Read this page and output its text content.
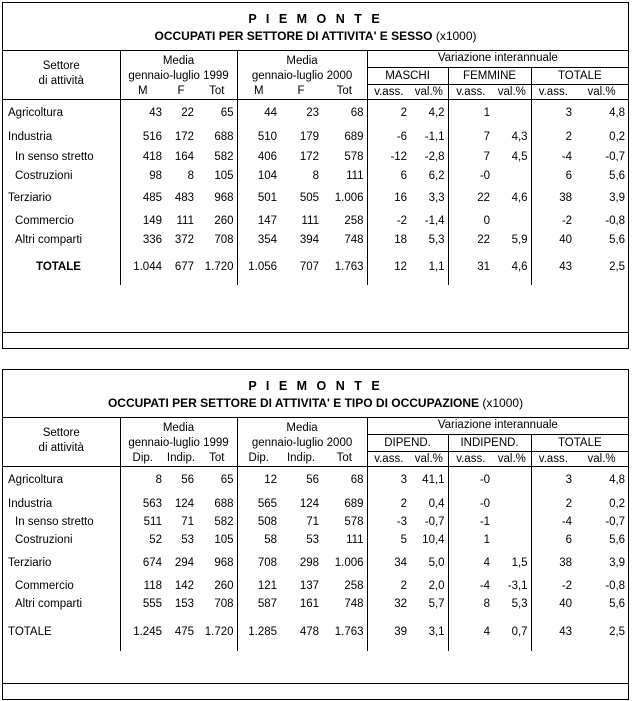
P I E M O N T E
OCCUPATI PER SETTORE DI ATTIVITA' E SESSO (x1000)
Settore
di attività	Media			Media			Variazione interannuale					
	gennaio-luglio 1999			gennaio-luglio 2000			MASCHI		FEMMINE		TOTALE	
	M	F	Tot	M	F	Tot	v.ass.	val.%	v.ass.	val.%	v.ass.	val.%
Agricoltura	43	22	65	44	23	68	2	4,2	1		3	4,8
Industria	516	172	688	510	179	689	-6	-1,1	7	4,3	2	0,2
In senso stretto	418	164	582	406	172	578	-12	-2,8	7	4,5	-4	-0,7
Costruzioni	98	8	105	104	8	111	6	6,2	-0		6	5,6
Terziario	485	483	968	501	505	1.006	16	3,3	22	4,6	38	3,9
Commercio	149	111	260	147	111	258	-2	-1,4	0		-2	-0,8
Altri comparti	336	372	708	354	394	748	18	5,3	22	5,9	40	5,6
TOTALE	1.044	677	1.720	1.056	707	1.763	12	1,1	31	4,6	43	2,5
P I E M O N T E
OCCUPATI PER SETTORE DI ATTIVITA' E TIPO DI OCCUPAZIONE (x1000)
Settore
di attività	Media			Media			Variazione interannuale					
	gennaio-luglio 1999			gennaio-luglio 2000			DIPEND.		INDIPEND.		TOTALE	
	Dip.	Indip.	Tot	Dip.	Indip.	Tot	v.ass.	val.%	v.ass.	val.%	v.ass.	val.%
Agricoltura	8	56	65	12	56	68	3	41,1	-0		3	4,8
Industria	563	124	688	565	124	689	2	0,4	-0		2	0,2
In senso stretto	511	71	582	508	71	578	-3	-0,7	-1		-4	-0,7
Costruzioni	52	53	105	58	53	111	5	10,4	1		6	5,6
Terziario	674	294	968	708	298	1.006	34	5,0	4	1,5	38	3,9
Commercio	118	142	260	121	137	258	2	2,0	-4	-3,1	-2	-0,8
Altri comparti	555	153	708	587	161	748	32	5,7	8	5,3	40	5,6
TOTALE	1.245	475	1.720	1.285	478	1.763	39	3,1	4	0,7	43	2,5
